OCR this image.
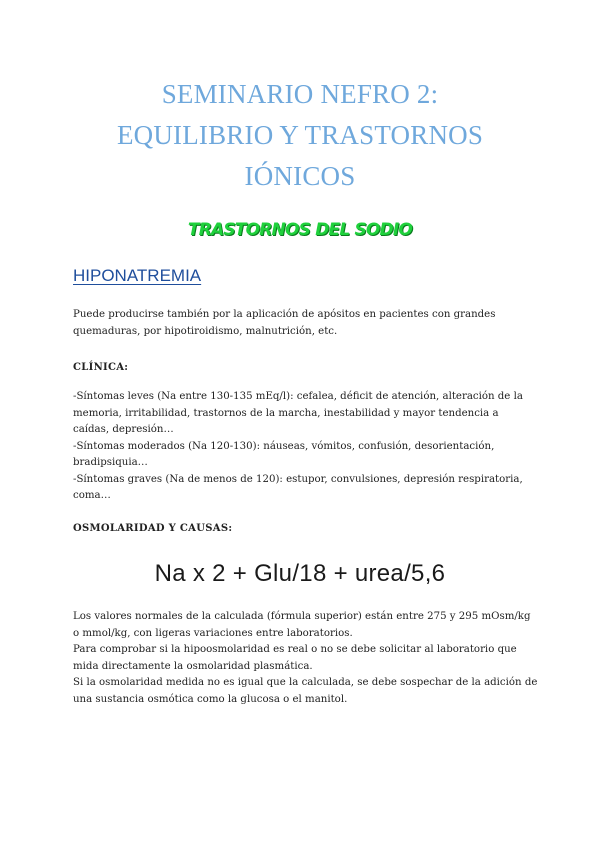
SEMINARIO NEFRO 2:
EQUILIBRIO Y TRASTORNOS
IÓNICOS
TRASTORNOS DEL SODIO
HIPONATREMIA
Puede producirse también por la aplicación de apósitos en pacientes con grandes
quemaduras, por hipotiroidismo, malnutrición, etc.
CLÍNICA:
-Síntomas leves (Na entre 130-135 mEq/l): cefalea, déficit de atención, alteración de la
memoria, irritabilidad, trastornos de la marcha, inestabilidad y mayor tendencia a
caídas, depresión…
-Síntomas moderados (Na 120-130): náuseas, vómitos, confusión, desorientación,
bradipsiquia…
-Síntomas graves (Na de menos de 120): estupor, convulsiones, depresión respiratoria,
coma…
OSMOLARIDAD Y CAUSAS:
Na x 2 + Glu/18 + urea/5,6
Los valores normales de la calculada (fórmula superior) están entre 275 y 295 mOsm/kg
o mmol/kg, con ligeras variaciones entre laboratorios.
Para comprobar si la hipoosmolaridad es real o no se debe solicitar al laboratorio que
mida directamente la osmolaridad plasmática.
Si la osmolaridad medida no es igual que la calculada, se debe sospechar de la adición de
una sustancia osmótica como la glucosa o el manitol.
